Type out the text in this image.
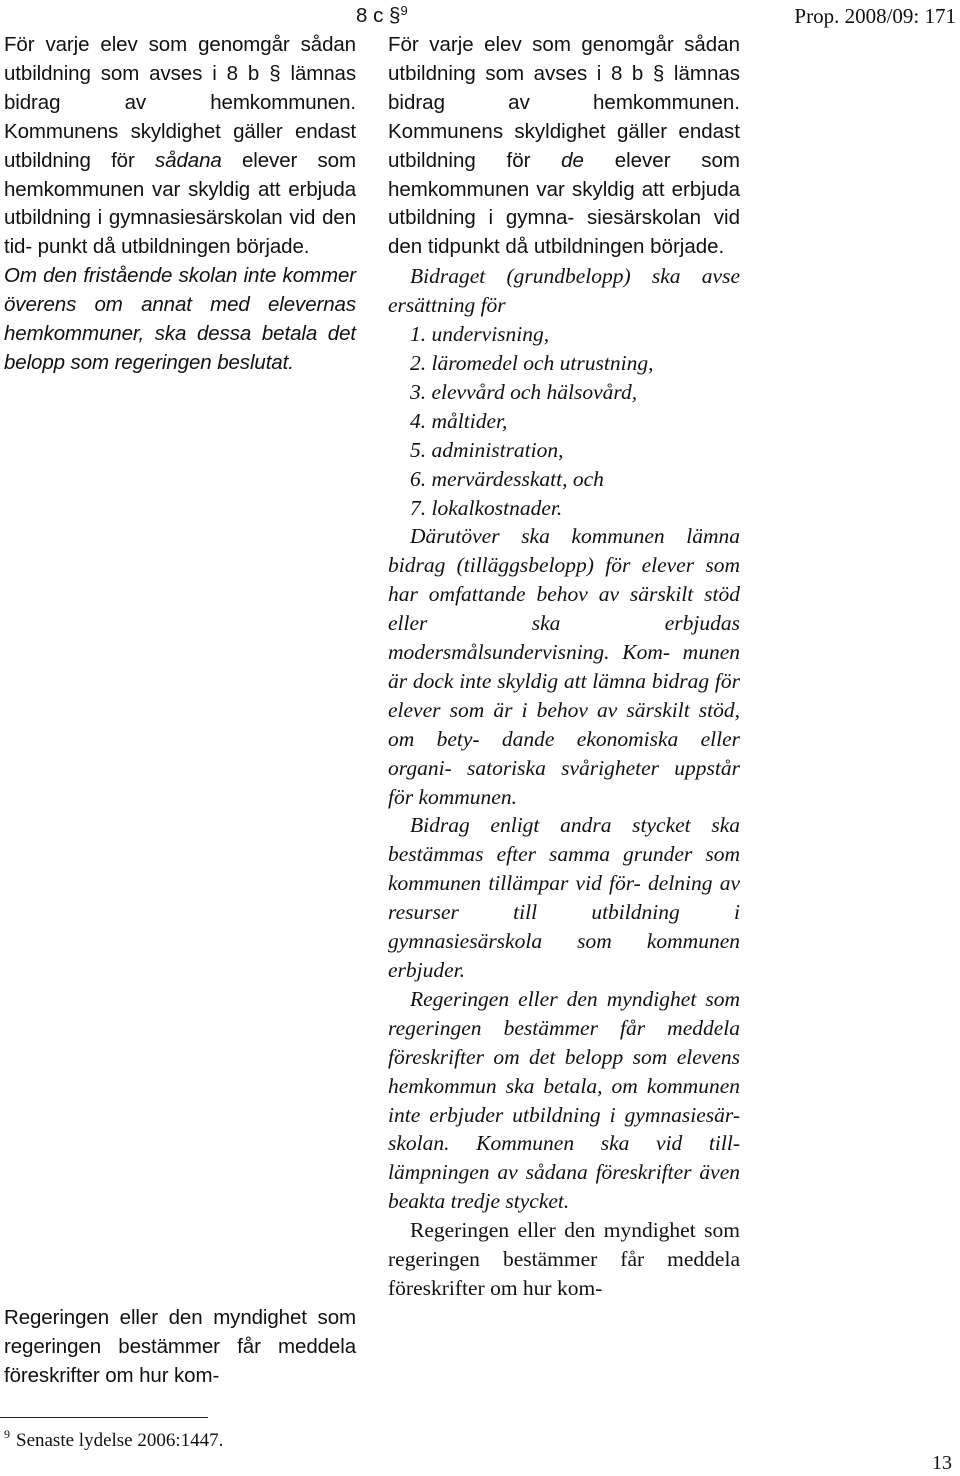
Prop. 2008/09: 171
8 c §$^9$

För varje elev som genomgår sådan utbildning som avses i 8 b § lämnas bidrag av hemkommunen. Kommunens skyldighet gäller endast utbildning för sådana elever som hemkommunen var skyldig att erbjuda utbildning i gymnasiesärskolan vid den tid- punkt då utbildningen började.

Om den fristående skolan inte kommer överens om annat med elevernas hemkommuner, ska dessa betala det belopp som regeringen beslutat.

Regeringen eller den myndighet som regeringen bestämmer får meddela föreskrifter om hur kom-

För varje elev som genomgår sådan utbildning som avses i 8 b § lämnas bidrag av hemkommunen. Kommunens skyldighet gäller endast utbildning för de elever som hemkommunen var skyldig att erbjuda utbildning i gymna- siesärskolan vid den tidpunkt då utbildningen började.

Bidraget (grundbelopp) ska avse ersättning för

1. undervisning,

2. läromedel och utrustning,

3. elevvård och hälsovård,

4. måltider,

5. administration,

6. mervärdesskatt, och

7. lokalkostnader.

Därutöver ska kommunen lämna bidrag (tilläggsbelopp) för elever som har omfattande behov av särskilt stöd eller ska erbjudas modersmålsundervisning. Kom- munen är dock inte skyldig att lämna bidrag för elever som är i behov av särskilt stöd, om bety- dande ekonomiska eller organi- satoriska svårigheter uppstår för kommunen.

Bidrag enligt andra stycket ska bestämmas efter samma grunder som kommunen tillämpar vid för- delning av resurser till utbildning i gymnasiesärskola som kommunen erbjuder.

Regeringen eller den myndighet som regeringen bestämmer får meddela föreskrifter om det belopp som elevens hemkommun ska betala, om kommunen inte erbjuder utbildning i gymnasiesär- skolan. Kommunen ska vid till- lämpningen av sådana föreskrifter även beakta tredje stycket.

Regeringen eller den myndighet som regeringen bestämmer får meddela föreskrifter om hur kom-

$^9$ Senaste lydelse 2006:1447.
13
